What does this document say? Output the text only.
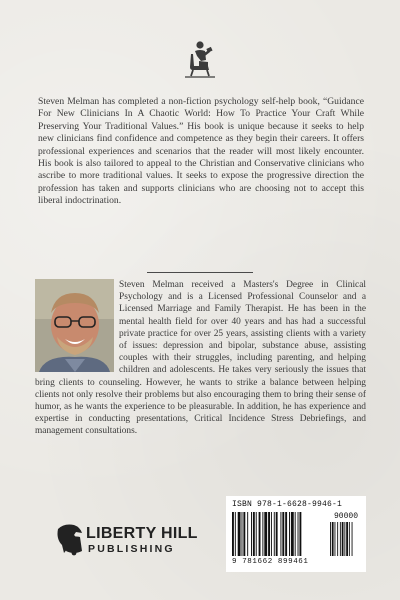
Steven Melman has completed a non-fiction psychology self-help book, “Guidance For New Clinicians In A Chaotic World: How To Practice Your Craft While Preserving Your Traditional Values.” His book is unique because it seeks to help new clinicians find confidence and competence as they begin their careers. It offers professional experiences and scenarios that the reader will most likely encounter. His book is also tailored to appeal to the Christian and Conservative clinicians who ascribe to more traditional values. It seeks to expose the progressive direction the profession has taken and supports clinicians who are choosing not to accept this liberal indoctrination.

Steven Melman received a Masters's Degree in Clinical Psychology and is a Licensed Professional Counselor and a Licensed Marriage and Family Therapist. He has been in the mental health field for over 40 years and has had a successful private practice for over 25 years, assisting clients with a variety of issues: depression and bipolar, substance abuse, assisting couples with their struggles, including parenting, and helping children and adolescents. He takes very seriously the issues that bring clients to counseling. However, he wants to strike a balance between helping clients not only resolve their problems but also encouraging them to bring their sense of humor, as he wants the experience to be pleasurable. In addition, he has experience and expertise in conducting presentations, Critical Incidence Stress Debriefings, and management consultations.

LIBERTY HILL
PUBLISHING
ISBN 978-1-6628-9946-1
90000
9 781662 899461
